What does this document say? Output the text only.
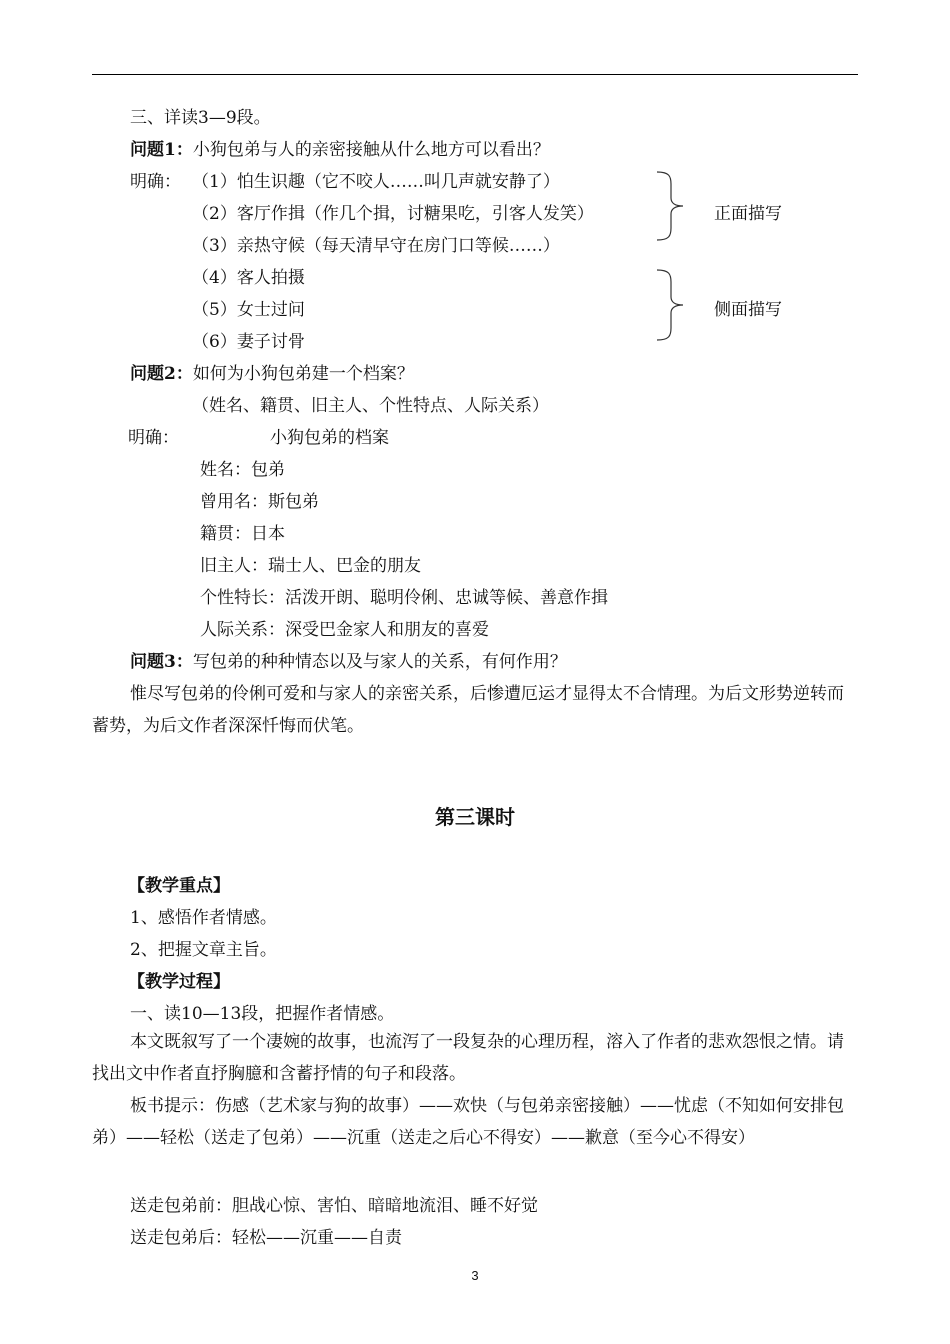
三、详读3—9段。
问题1：小狗包弟与人的亲密接触从什么地方可以看出？
明确： （1）怕生识趣（它不咬人……叫几声就安静了）
（2）客厅作揖（作几个揖，讨糖果吃，引客人发笑）
（3）亲热守候（每天清早守在房门口等候……）
（4）客人拍摄
（5）女士过问
（6）妻子讨骨
正面描写
侧面描写
问题2：如何为小狗包弟建一个档案？
（姓名、籍贯、旧主人、个性特点、人际关系）
明确：	小狗包弟的档案
姓名：包弟
曾用名：斯包弟
籍贯：日本
旧主人：瑞士人、巴金的朋友
个性特长：活泼开朗、聪明伶俐、忠诚等候、善意作揖
人际关系：深受巴金家人和朋友的喜爱
问题3：写包弟的种种情态以及与家人的关系，有何作用？
惟尽写包弟的伶俐可爱和与家人的亲密关系，后惨遭厄运才显得太不合情理。为后文形势逆转而蓄势，为后文作者深深忏悔而伏笔。
第三课时
【教学重点】
1、感悟作者情感。
2、把握文章主旨。
【教学过程】
一、读10—13段，把握作者情感。
本文既叙写了一个凄婉的故事，也流泻了一段复杂的心理历程，溶入了作者的悲欢怨恨之情。请找出文中作者直抒胸臆和含蓄抒情的句子和段落。
板书提示：伤感（艺术家与狗的故事）——欢快（与包弟亲密接触）——忧虑（不知如何安排包弟）——轻松（送走了包弟）——沉重（送走之后心不得安）——歉意（至今心不得安）
送走包弟前：胆战心惊、害怕、暗暗地流泪、睡不好觉
送走包弟后：轻松——沉重——自责
3
